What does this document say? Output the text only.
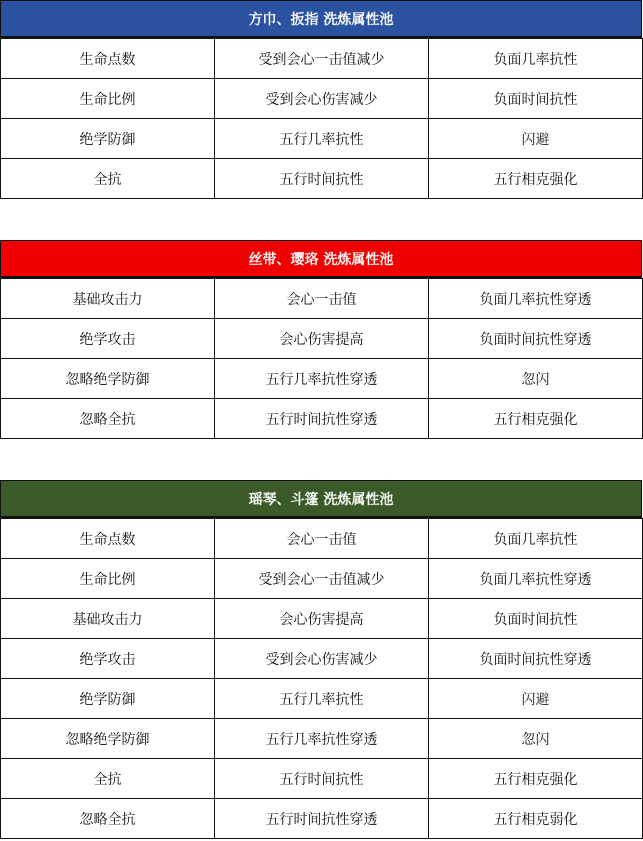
方巾、扳指 洗炼属性池
生命点数	受到会心一击值减少	负面几率抗性
生命比例	受到会心伤害减少	负面时间抗性
绝学防御	五行几率抗性	闪避
全抗	五行时间抗性	五行相克强化
丝带、璎珞 洗炼属性池
基础攻击力	会心一击值	负面几率抗性穿透
绝学攻击	会心伤害提高	负面时间抗性穿透
忽略绝学防御	五行几率抗性穿透	忽闪
忽略全抗	五行时间抗性穿透	五行相克强化
瑶琴、斗篷 洗炼属性池
生命点数	会心一击值	负面几率抗性
生命比例	受到会心一击值减少	负面几率抗性穿透
基础攻击力	会心伤害提高	负面时间抗性
绝学攻击	受到会心伤害减少	负面时间抗性穿透
绝学防御	五行几率抗性	闪避
忽略绝学防御	五行几率抗性穿透	忽闪
全抗	五行时间抗性	五行相克强化
忽略全抗	五行时间抗性穿透	五行相克弱化
